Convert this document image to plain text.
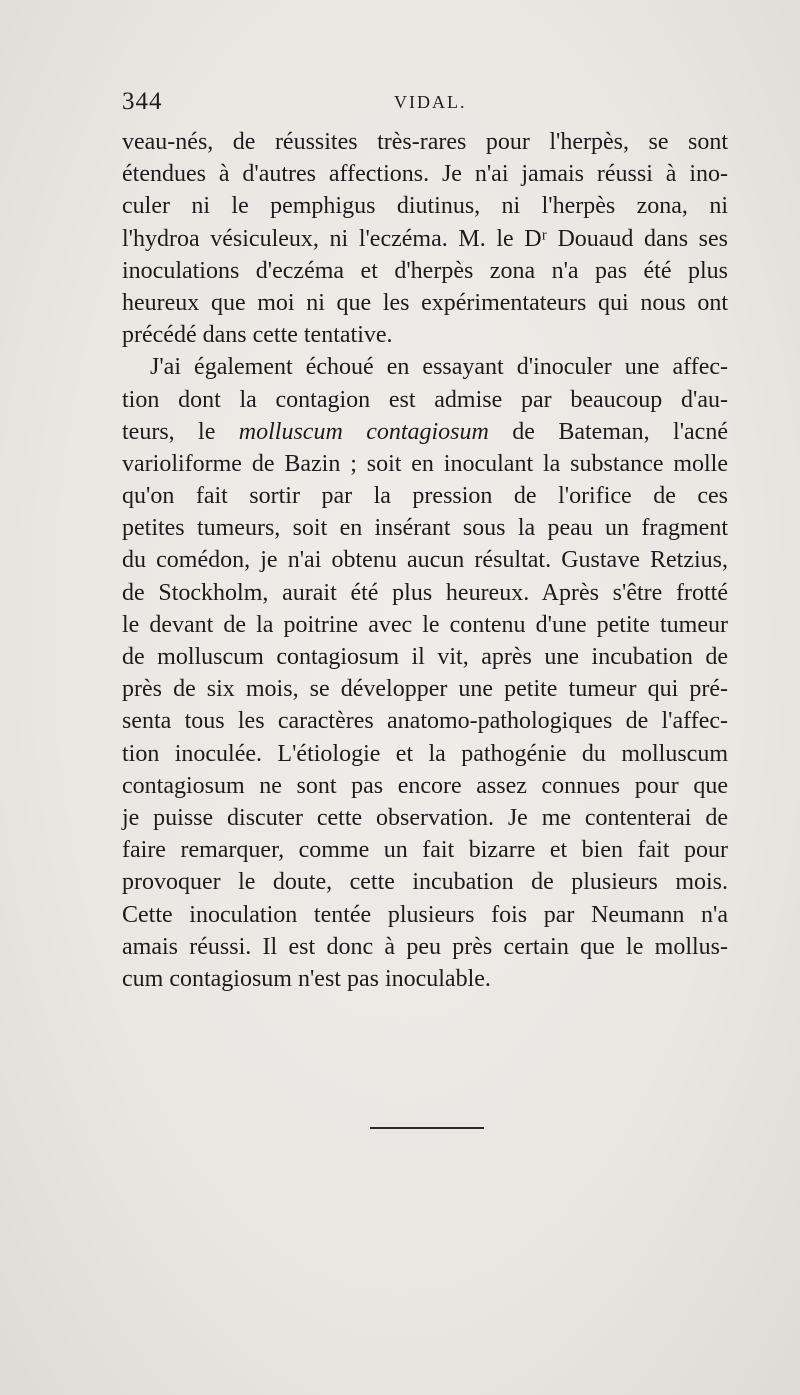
344	VIDAL.
veau-nés, de réussites très-rares pour l'herpès, se sont
étendues à d'autres affections. Je n'ai jamais réussi à ino-
culer ni le pemphigus diutinus, ni l'herpès zona, ni
l'hydroa vésiculeux, ni l'eczéma. M. le Dʳ Douaud dans ses
inoculations d'eczéma et d'herpès zona n'a pas été plus
heureux que moi ni que les expérimentateurs qui nous ont
précédé dans cette tentative.
J'ai également échoué en essayant d'inoculer une affec-
tion dont la contagion est admise par beaucoup d'au-
teurs, le molluscum contagiosum de Bateman, l'acné
varioliforme de Bazin ; soit en inoculant la substance molle
qu'on fait sortir par la pression de l'orifice de ces
petites tumeurs, soit en insérant sous la peau un fragment
du comédon, je n'ai obtenu aucun résultat. Gustave Retzius,
de Stockholm, aurait été plus heureux. Après s'être frotté
le devant de la poitrine avec le contenu d'une petite tumeur
de molluscum contagiosum il vit, après une incubation de
près de six mois, se développer une petite tumeur qui pré-
senta tous les caractères anatomo-pathologiques de l'affec-
tion inoculée. L'étiologie et la pathogénie du molluscum
contagiosum ne sont pas encore assez connues pour que
je puisse discuter cette observation. Je me contenterai de
faire remarquer, comme un fait bizarre et bien fait pour
provoquer le doute, cette incubation de plusieurs mois.
Cette inoculation tentée plusieurs fois par Neumann n'a
amais réussi. Il est donc à peu près certain que le mollus-
cum contagiosum n'est pas inoculable.
